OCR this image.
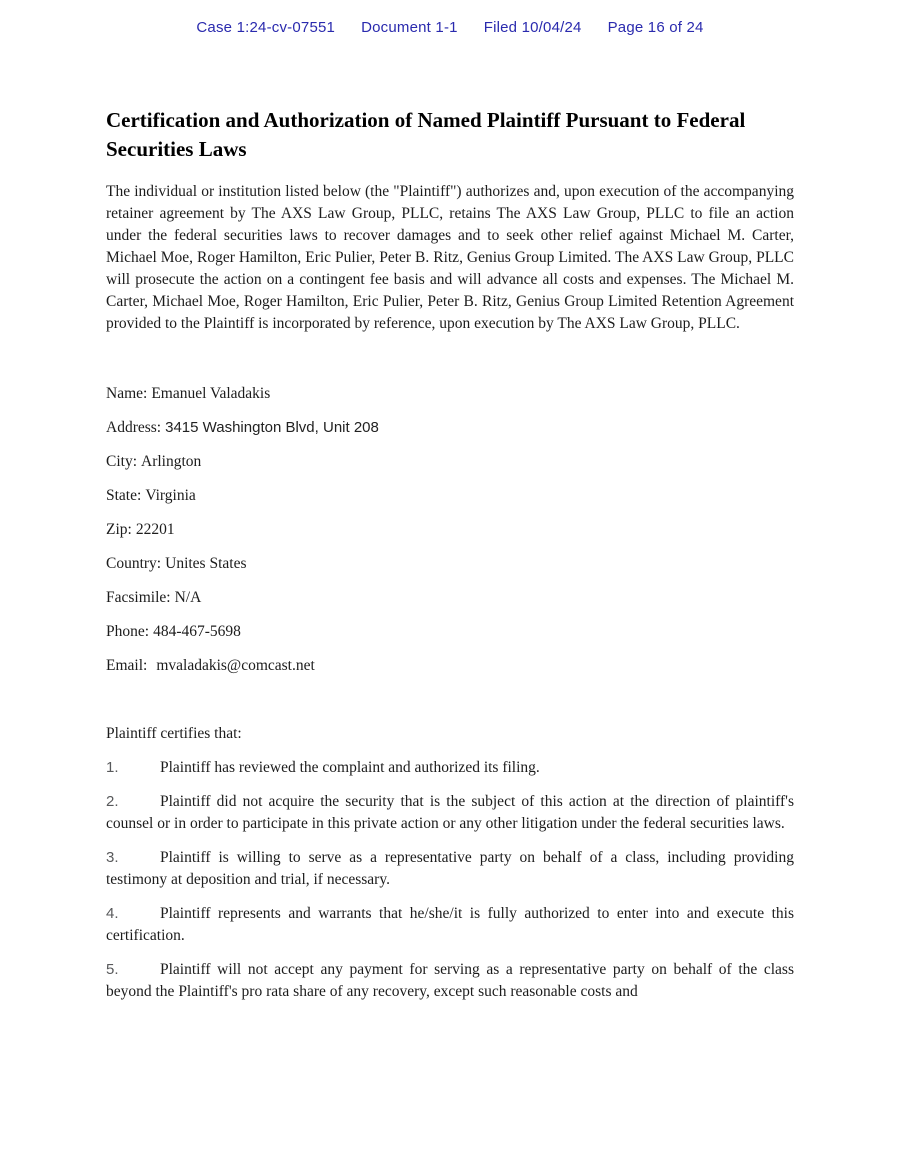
Case 1:24-cv-07551 Document 1-1 Filed 10/04/24 Page 16 of 24
Certification and Authorization of Named Plaintiff Pursuant to Federal Securities Laws

The individual or institution listed below (the "Plaintiff") authorizes and, upon execution of the accompanying retainer agreement by The AXS Law Group, PLLC, retains The AXS Law Group, PLLC to file an action under the federal securities laws to recover damages and to seek other relief against Michael M. Carter, Michael Moe, Roger Hamilton, Eric Pulier, Peter B. Ritz, Genius Group Limited. The AXS Law Group, PLLC will prosecute the action on a contingent fee basis and will advance all costs and expenses. The Michael M. Carter, Michael Moe, Roger Hamilton, Eric Pulier, Peter B. Ritz, Genius Group Limited Retention Agreement provided to the Plaintiff is incorporated by reference, upon execution by The AXS Law Group, PLLC.

Name: Emanuel Valadakis
Address: 3415 Washington Blvd, Unit 208
City: Arlington
State: Virginia
Zip: 22201
Country: Unites States
Facsimile: N/A
Phone: 484-467-5698
Email: mvaladakis@comcast.net

Plaintiff certifies that:

1.	Plaintiff has reviewed the complaint and authorized its filing.

2.	Plaintiff did not acquire the security that is the subject of this action at the direction of plaintiff's counsel or in order to participate in this private action or any other litigation under the federal securities laws.

3.	Plaintiff is willing to serve as a representative party on behalf of a class, including providing testimony at deposition and trial, if necessary.

4.	Plaintiff represents and warrants that he/she/it is fully authorized to enter into and execute this certification.

5.	Plaintiff will not accept any payment for serving as a representative party on behalf of the class beyond the Plaintiff's pro rata share of any recovery, except such reasonable costs and
